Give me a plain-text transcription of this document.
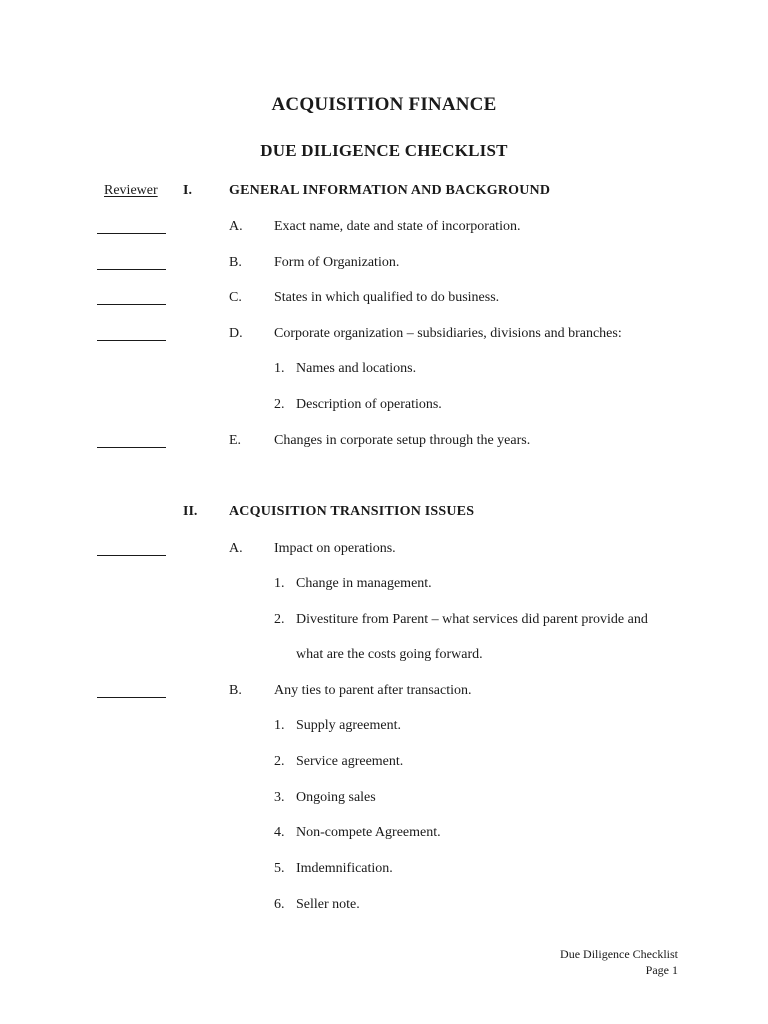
ACQUISITION FINANCE
DUE DILIGENCE CHECKLIST
Reviewer I.	GENERAL INFORMATION AND BACKGROUND
A. Exact name, date and state of incorporation.
B. Form of Organization.
C. States in which qualified to do business.
D. Corporate organization – subsidiaries, divisions and branches:
1. Names and locations.
2. Description of operations.
E. Changes in corporate setup through the years.
II. ACQUISITION TRANSITION ISSUES
A. Impact on operations.
1. Change in management.
2. Divestiture from Parent – what services did parent provide and
what are the costs going forward.
B. Any ties to parent after transaction.
1. Supply agreement.
2. Service agreement.
3. Ongoing sales
4. Non-compete Agreement.
5. Imdemnification.
6. Seller note.
Due Diligence Checklist
Page 1
